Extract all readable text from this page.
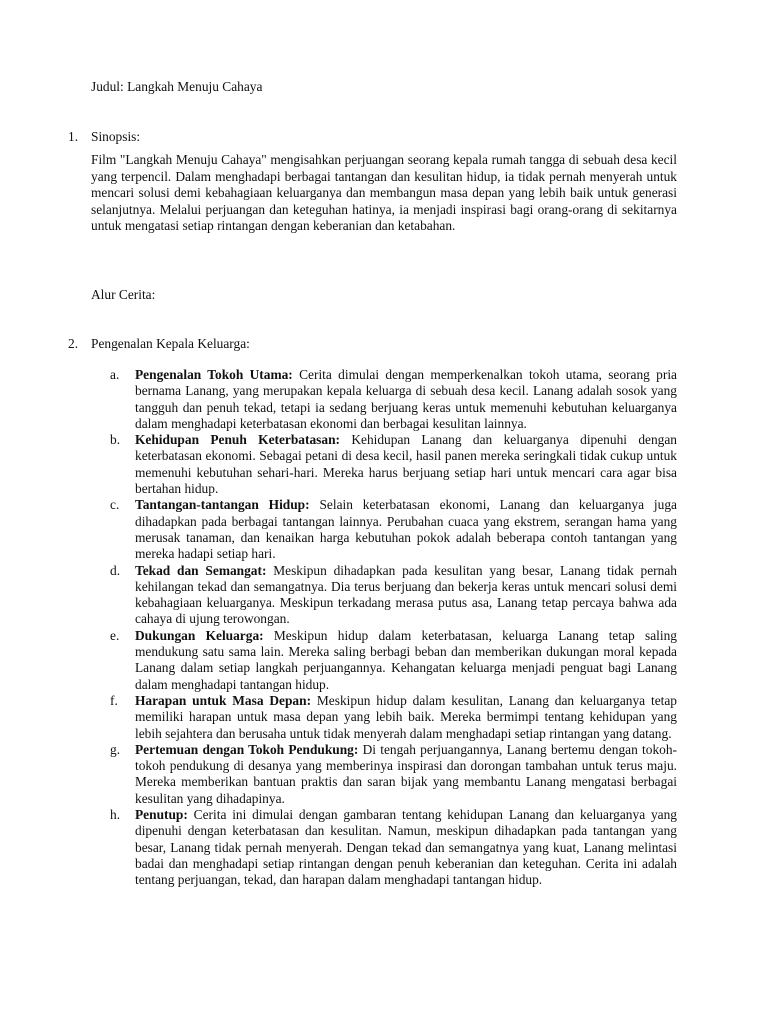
Judul: Langkah Menuju Cahaya
1. Sinopsis:
Film "Langkah Menuju Cahaya" mengisahkan perjuangan seorang kepala rumah tangga di sebuah desa kecil yang terpencil. Dalam menghadapi berbagai tantangan dan kesulitan hidup, ia tidak pernah menyerah untuk mencari solusi demi kebahagiaan keluarganya dan membangun masa depan yang lebih baik untuk generasi selanjutnya. Melalui perjuangan dan keteguhan hatinya, ia menjadi inspirasi bagi orang-orang di sekitarnya untuk mengatasi setiap rintangan dengan keberanian dan ketabahan.
Alur Cerita:
2. Pengenalan Kepala Keluarga:
a.	Pengenalan Tokoh Utama: Cerita dimulai dengan memperkenalkan tokoh utama, seorang pria bernama Lanang, yang merupakan kepala keluarga di sebuah desa kecil. Lanang adalah sosok yang tangguh dan penuh tekad, tetapi ia sedang berjuang keras untuk memenuhi kebutuhan keluarganya dalam menghadapi keterbatasan ekonomi dan berbagai kesulitan lainnya.
b.	Kehidupan Penuh Keterbatasan: Kehidupan Lanang dan keluarganya dipenuhi dengan keterbatasan ekonomi. Sebagai petani di desa kecil, hasil panen mereka seringkali tidak cukup untuk memenuhi kebutuhan sehari-hari. Mereka harus berjuang setiap hari untuk mencari cara agar bisa bertahan hidup.
c.	Tantangan-tantangan Hidup: Selain keterbatasan ekonomi, Lanang dan keluarganya juga dihadapkan pada berbagai tantangan lainnya. Perubahan cuaca yang ekstrem, serangan hama yang merusak tanaman, dan kenaikan harga kebutuhan pokok adalah beberapa contoh tantangan yang mereka hadapi setiap hari.
d.	Tekad dan Semangat: Meskipun dihadapkan pada kesulitan yang besar, Lanang tidak pernah kehilangan tekad dan semangatnya. Dia terus berjuang dan bekerja keras untuk mencari solusi demi kebahagiaan keluarganya. Meskipun terkadang merasa putus asa, Lanang tetap percaya bahwa ada cahaya di ujung terowongan.
e.	Dukungan Keluarga: Meskipun hidup dalam keterbatasan, keluarga Lanang tetap saling mendukung satu sama lain. Mereka saling berbagi beban dan memberikan dukungan moral kepada Lanang dalam setiap langkah perjuangannya. Kehangatan keluarga menjadi penguat bagi Lanang dalam menghadapi tantangan hidup.
f.	Harapan untuk Masa Depan: Meskipun hidup dalam kesulitan, Lanang dan keluarganya tetap memiliki harapan untuk masa depan yang lebih baik. Mereka bermimpi tentang kehidupan yang lebih sejahtera dan berusaha untuk tidak menyerah dalam menghadapi setiap rintangan yang datang.
g.	Pertemuan dengan Tokoh Pendukung: Di tengah perjuangannya, Lanang bertemu dengan tokoh-tokoh pendukung di desanya yang memberinya inspirasi dan dorongan tambahan untuk terus maju. Mereka memberikan bantuan praktis dan saran bijak yang membantu Lanang mengatasi berbagai kesulitan yang dihadapinya.
h.	Penutup: Cerita ini dimulai dengan gambaran tentang kehidupan Lanang dan keluarganya yang dipenuhi dengan keterbatasan dan kesulitan. Namun, meskipun dihadapkan pada tantangan yang besar, Lanang tidak pernah menyerah. Dengan tekad dan semangatnya yang kuat, Lanang melintasi badai dan menghadapi setiap rintangan dengan penuh keberanian dan keteguhan. Cerita ini adalah tentang perjuangan, tekad, dan harapan dalam menghadapi tantangan hidup.
